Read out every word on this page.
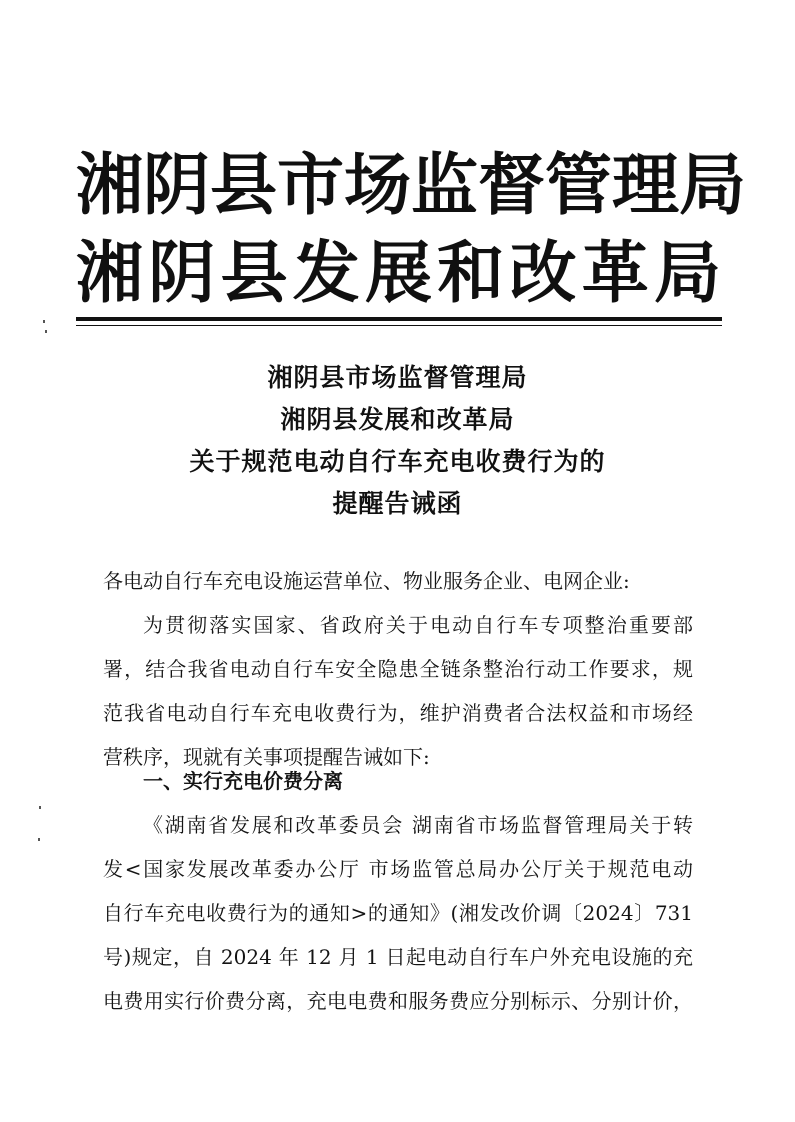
湘阴县市场监督管理局
湘阴县发展和改革局
湘阴县市场监督管理局
湘阴县发展和改革局
关于规范电动自行车充电收费行为的
提醒告诫函
各电动自行车充电设施运营单位、物业服务企业、电网企业:
为贯彻落实国家、省政府关于电动自行车专项整治重要部
署，结合我省电动自行车安全隐患全链条整治行动工作要求，规
范我省电动自行车充电收费行为，维护消费者合法权益和市场经
营秩序，现就有关事项提醒告诫如下:
一、实行充电价费分离
《湖南省发展和改革委员会 湖南省市场监督管理局关于转
发<国家发展改革委办公厅 市场监管总局办公厅关于规范电动
自行车充电收费行为的通知>的通知》(湘发改价调〔2024〕731
号)规定，自 2024 年 12 月 1 日起电动自行车户外充电设施的充
电费用实行价费分离，充电电费和服务费应分别标示、分别计价，
